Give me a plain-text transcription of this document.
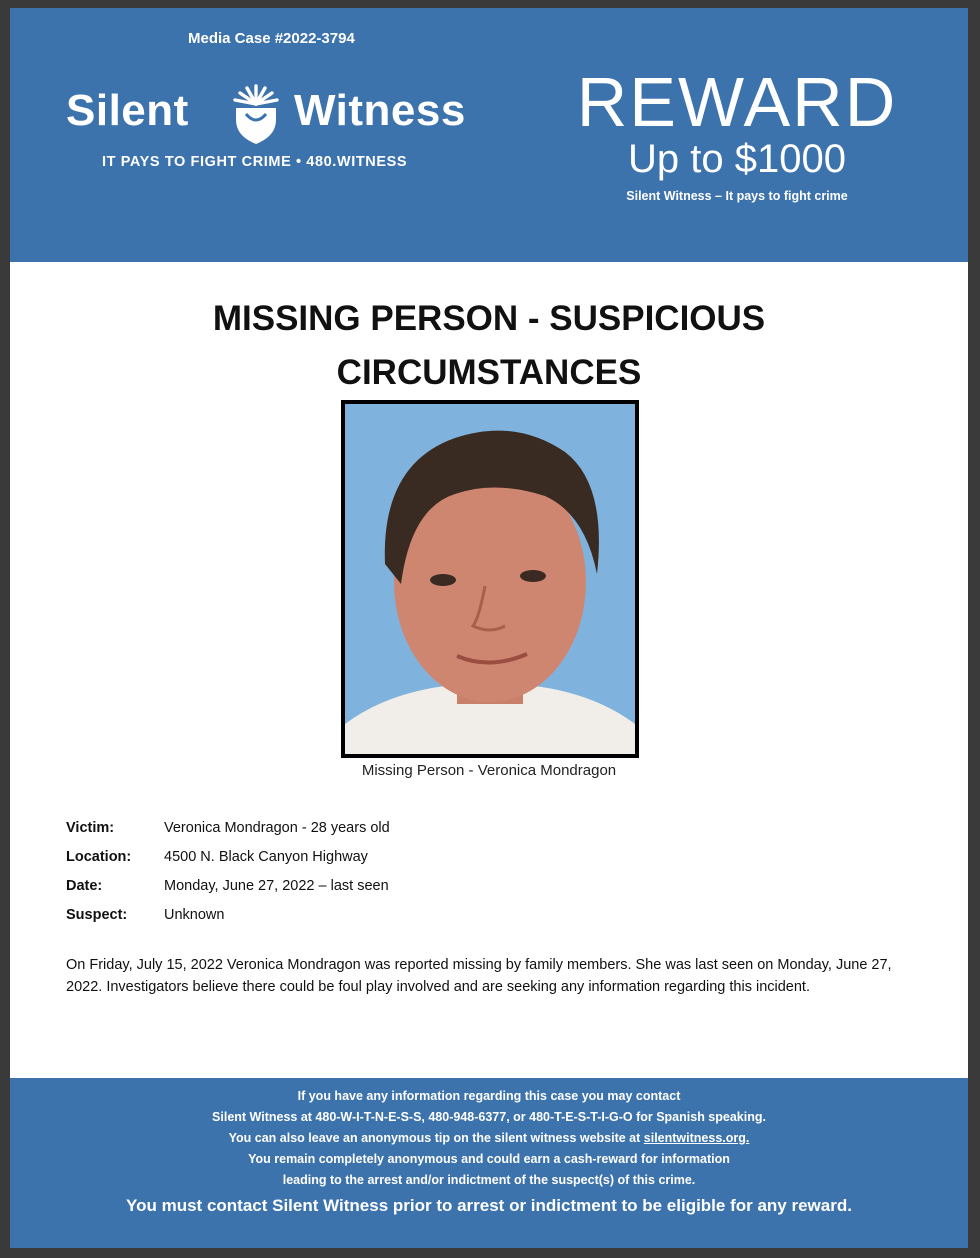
Media Case #2022-3794
Silent Witness
IT PAYS TO FIGHT CRIME • 480.WITNESS
REWARD
Up to $1000
Silent Witness – It pays to fight crime
MISSING PERSON - SUSPICIOUS
CIRCUMSTANCES
Missing Person - Veronica Mondragon
Victim:	Veronica Mondragon - 28 years old
Location: 4500 N. Black Canyon Highway
Date:	Monday, June 27, 2022 – last seen
Suspect:	Unknown
On Friday, July 15, 2022 Veronica Mondragon was reported missing by family members. She was last seen on Monday, June 27, 2022. Investigators believe there could be foul play involved and are seeking any information regarding this incident.
If you have any information regarding this case you may contact
Silent Witness at 480-W-I-T-N-E-S-S, 480-948-6377, or 480-T-E-S-T-I-G-O for Spanish speaking.
You can also leave an anonymous tip on the silent witness website at silentwitness.org.
You remain completely anonymous and could earn a cash-reward for information
leading to the arrest and/or indictment of the suspect(s) of this crime.
You must contact Silent Witness prior to arrest or indictment to be eligible for any reward.
